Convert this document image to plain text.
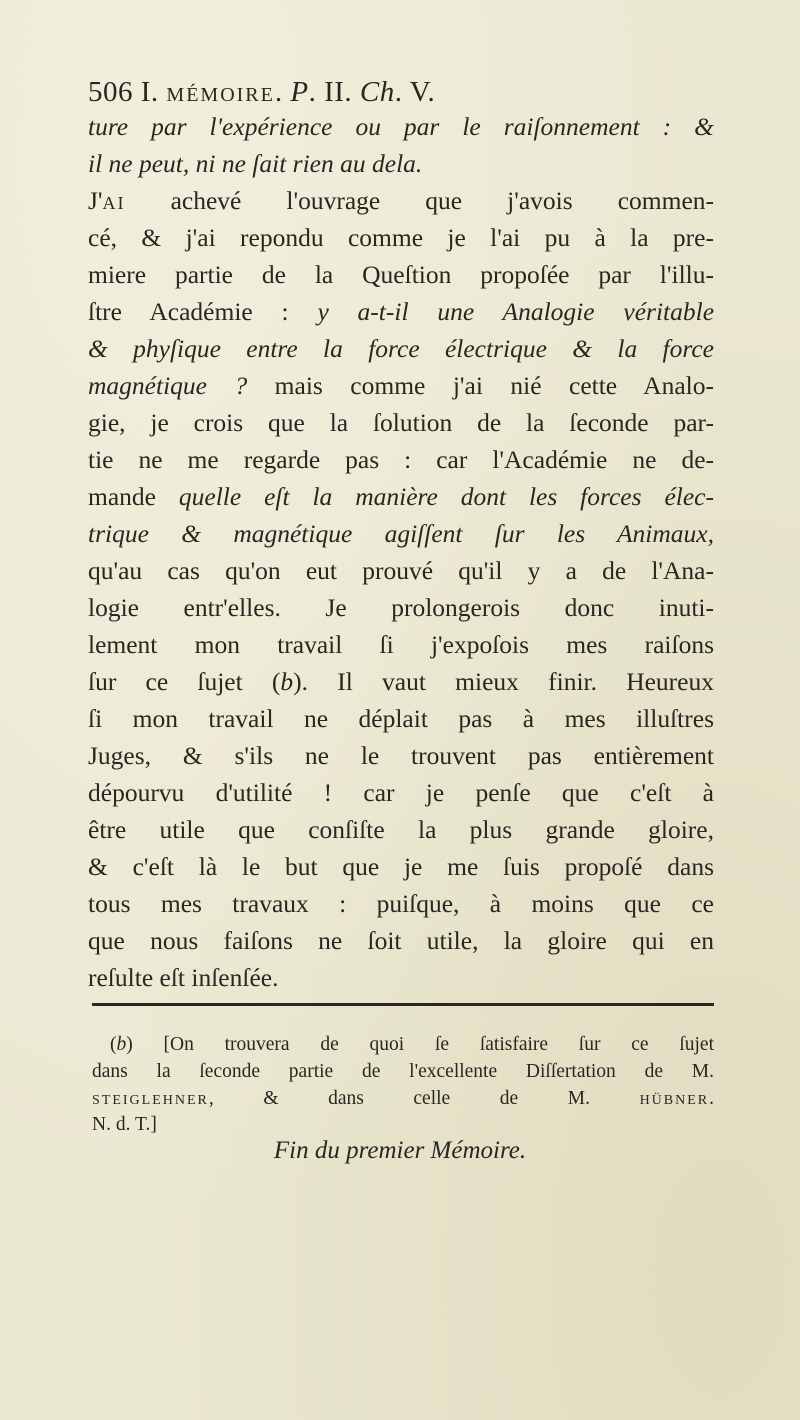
506 I. mémoire. P. II. Ch. V.
ture par l'expérience ou par le raiſonnement : &
il ne peut, ni ne ſait rien au dela.
J'ai achevé l'ouvrage que j'avois commen-
cé, & j'ai repondu comme je l'ai pu à la pre-
miere partie de la Queſtion propoſée par l'illu-
ſtre Académie : y a-t-il une Analogie véritable
& phyſique entre la force électrique & la force
magnétique ? mais comme j'ai nié cette Analo-
gie, je crois que la ſolution de la ſeconde par-
tie ne me regarde pas : car l'Académie ne de-
mande quelle eſt la manière dont les forces élec-
trique & magnétique agiſſent ſur les Animaux,
qu'au cas qu'on eut prouvé qu'il y a de l'Ana-
logie entr'elles. Je prolongerois donc inuti-
lement mon travail ſi j'expoſois mes raiſons
ſur ce ſujet (b). Il vaut mieux finir. Heureux
ſi mon travail ne déplait pas à mes illuſtres
Juges, & s'ils ne le trouvent pas entièrement
dépourvu d'utilité ! car je penſe que c'eſt à
être utile que conſiſte la plus grande gloire,
& c'eſt là le but que je me ſuis propoſé dans
tous mes travaux : puiſque, à moins que ce
que nous faiſons ne ſoit utile, la gloire qui en
reſulte eſt inſenſée.
(b) [On trouvera de quoi ſe ſatisfaire ſur ce ſujet
dans la ſeconde partie de l'excellente Diſſertation de M.
steiglehner, & dans celle de M. hübner.
N. d. T.]
Fin du premier Mémoire.
